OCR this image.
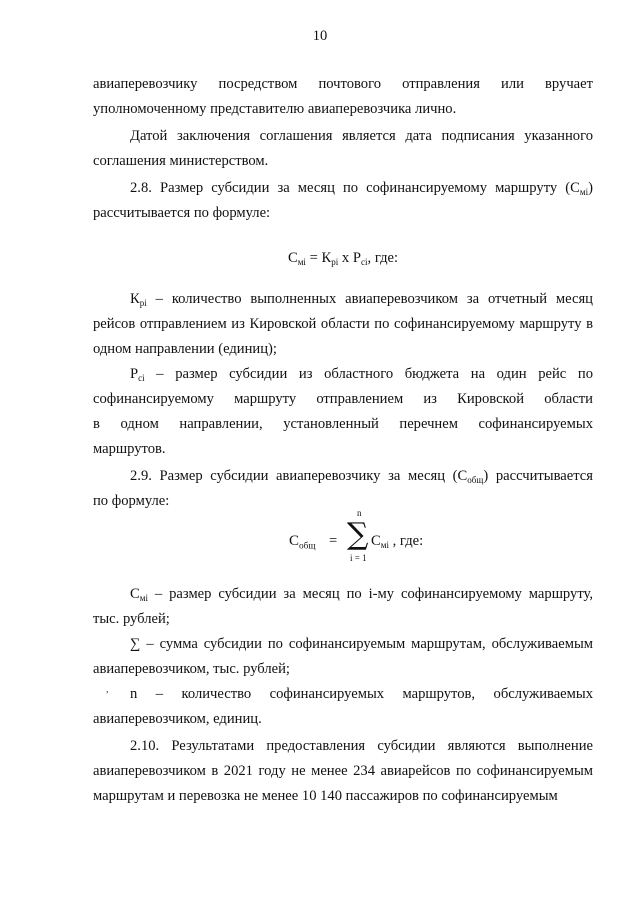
10

авиаперевозчику посредством почтового отправления или вручает

уполномоченному представителю авиаперевозчика лично.

Датой заключения соглашения является дата подписания указанного соглашения министерством.

2.8. Размер субсидии за месяц по софинансируемому маршруту $(С_{мi})$ рассчитывается по формуле:

$С_{мi} = К_{рi}$ х $Р_{сi}$, где:

$К_{рi}$ – количество выполненных авиаперевозчиком за отчетный месяц рейсов отправлением из Кировской области по софинансируемому маршруту в одном направлении (единиц);

$Р_{сi}$ – размер субсидии из областного бюджета на один рейс по

софинансируемому маршруту отправлением из Кировской области

в одном направлении, установленный перечнем софинансируемых

маршрутов.

2.9. Размер субсидии авиаперевозчику за месяц $(С_{общ})$ рассчитывается

по формуле:

$С_{общ}$ =
n
∑
i = 1
$С_{мi}$ , где:

$С_{мi}$ – размер субсидии за месяц по i-му софинансируемому маршруту, тыс. рублей;

∑ – сумма субсидии по софинансируемым маршрутам, обслуживаемым авиаперевозчиком, тыс. рублей;

n – количество софинансируемых маршрутов, обслуживаемых

авиаперевозчиком, единиц.

2.10. Результатами предоставления субсидии являются выполнение авиаперевозчиком в 2021 году не менее 234 авиарейсов по софинансируемым маршрутам и перевозка не менее 10 140 пассажиров по софинансируемым

,
